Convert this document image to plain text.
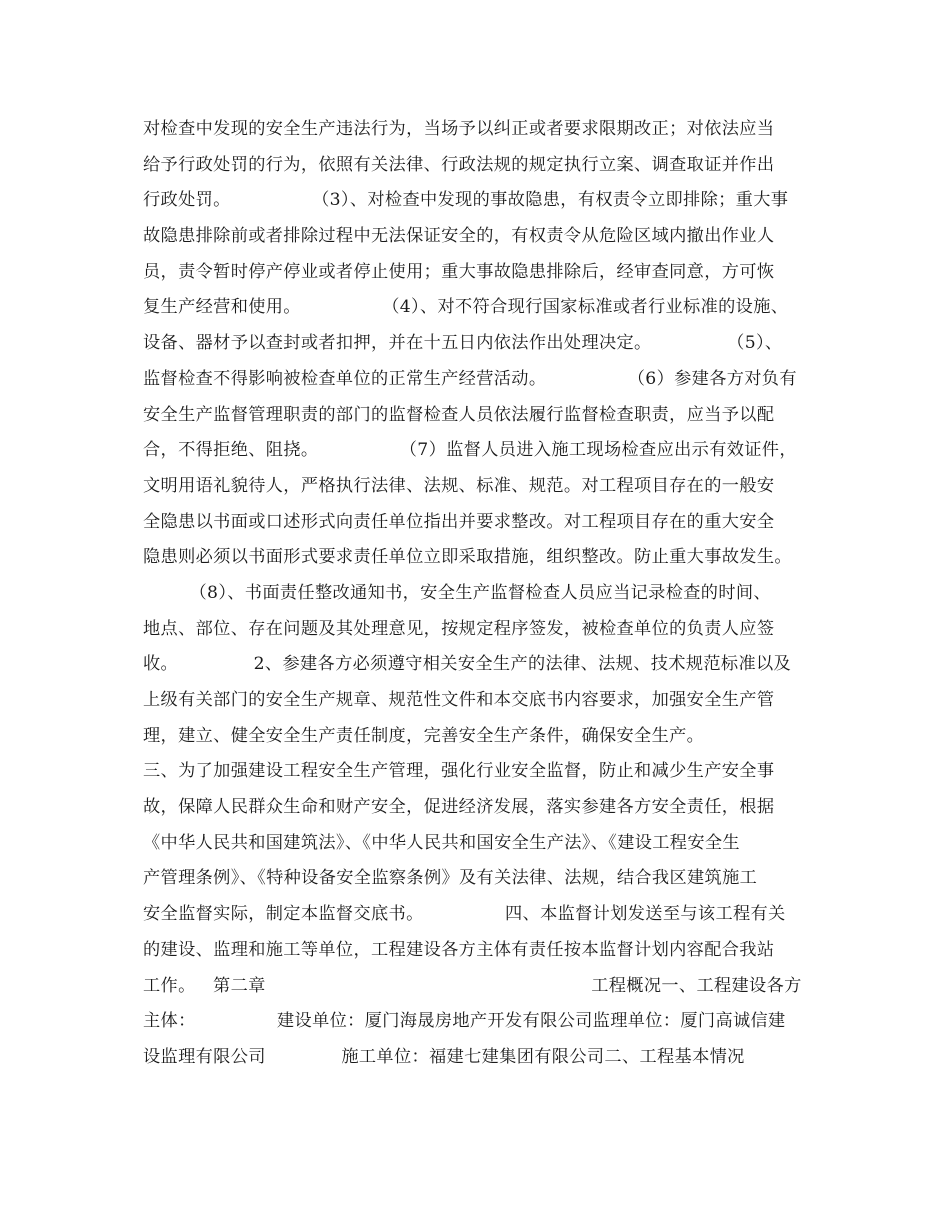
对检查中发现的安全生产违法行为，当场予以纠正或者要求限期改正；对依法应当
给予行政处罚的行为，依照有关法律、行政法规的规定执行立案、调查取证并作出
行政处罚。              （3）、对检查中发现的事故隐患，有权责令立即排除；重大事
故隐患排除前或者排除过程中无法保证安全的，有权责令从危险区域内撤出作业人
员，责令暂时停产停业或者停止使用；重大事故隐患排除后，经审查同意，方可恢
复生产经营和使用。              （4）、对不符合现行国家标准或者行业标准的设施、
设备、器材予以查封或者扣押，并在十五日内依法作出处理决定。             （5）、
监督检查不得影响被检查单位的正常生产经营活动。              （6）参建各方对负有
安全生产监督管理职责的部门的监督检查人员依法履行监督检查职责，应当予以配
合，不得拒绝、阻挠。              （7）监督人员进入施工现场检查应出示有效证件，
文明用语礼貌待人，严格执行法律、法规、标准、规范。对工程项目存在的一般安
全隐患以书面或口述形式向责任单位指出并要求整改。对工程项目存在的重大安全
隐患则必须以书面形式要求责任单位立即采取措施，组织整改。防止重大事故发生。
（8）、书面责任整改通知书，安全生产监督检查人员应当记录检查的时间、
地点、部位、存在问题及其处理意见，按规定程序签发，被检查单位的负责人应签
收。             2、参建各方必须遵守相关安全生产的法律、法规、技术规范标准以及
上级有关部门的安全生产规章、规范性文件和本交底书内容要求，加强安全生产管
理，建立、健全安全生产责任制度，完善安全生产条件，确保安全生产。
三、为了加强建设工程安全生产管理，强化行业安全监督，防止和减少生产安全事
故，保障人民群众生命和财产安全，促进经济发展，落实参建各方安全责任，根据
《中华人民共和国建筑法》、《中华人民共和国安全生产法》、《建设工程安全生
产管理条例》、《特种设备安全监察条例》及有关法律、法规，结合我区建筑施工
安全监督实际，制定本监督交底书。              四、本监督计划发送至与该工程有关
的建设、监理和施工等单位，工程建设各方主体有责任按本监督计划内容配合我站
工作。   第二章                                                        工程概况一、工程建设各方
主体：              建设单位：厦门海晟房地产开发有限公司监理单位：厦门高诚信建
设监理有限公司             施工单位：福建七建集团有限公司二、工程基本情况
